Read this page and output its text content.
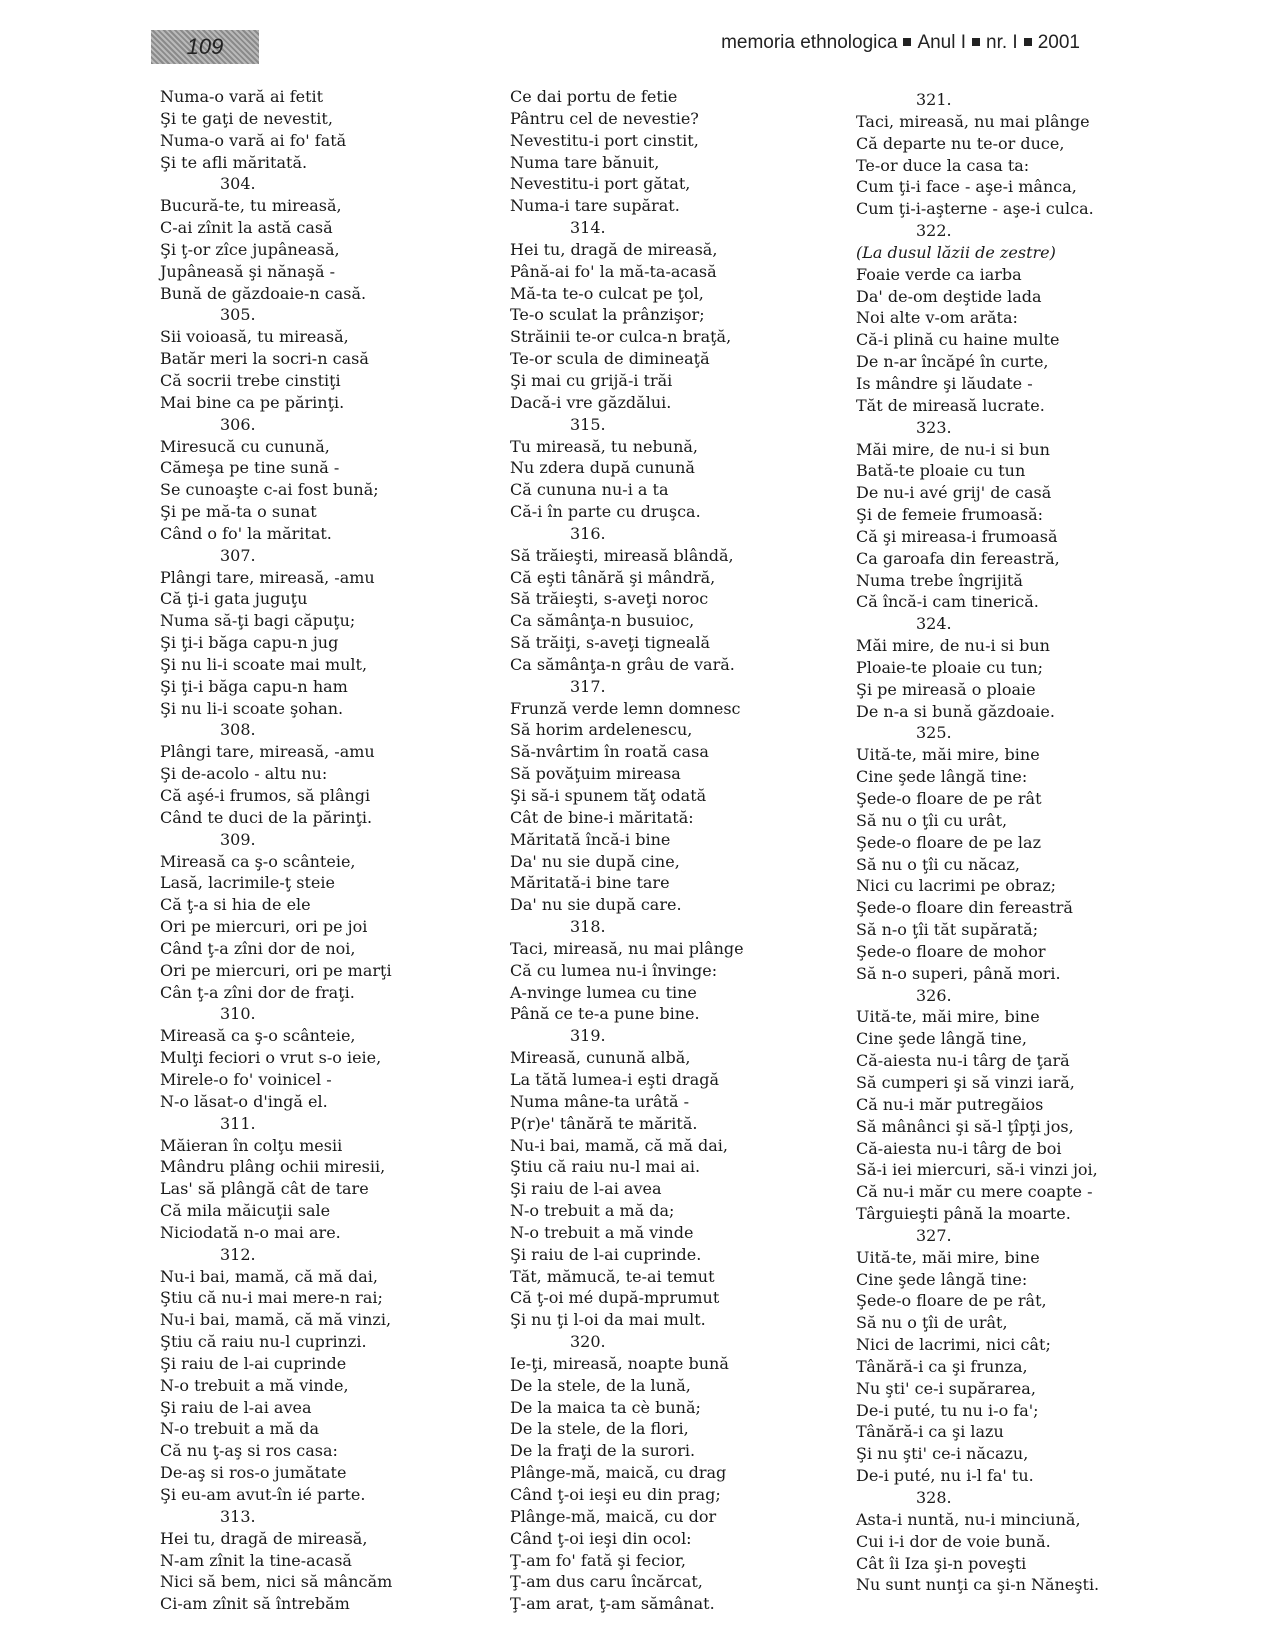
109	memoria ethnologica Anul I nr. I 2001
Numa-o vară ai fetit
Şi te gaţi de nevestit,
Numa-o vară ai fo' fată
Şi te afli măritată.
304.
Bucură-te, tu mireasă,
C-ai zînit la astă casă
Şi ţ-or zîce jupâneasă,
Jupâneasă şi nănaşă -
Bună de găzdoaie-n casă.
305.
Sii voioasă, tu mireasă,
Batăr meri la socri-n casă
Că socrii trebe cinstiţi
Mai bine ca pe părinţi.
306.
Miresucă cu cunună,
Cămeşa pe tine sună -
Se cunoaşte c-ai fost bună;
Şi pe mă-ta o sunat
Când o fo' la măritat.
307.
Plângi tare, mireasă, -amu
Că ţi-i gata juguţu
Numa să-ţi bagi căpuţu;
Şi ţi-i băga capu-n jug
Şi nu li-i scoate mai mult,
Şi ţi-i băga capu-n ham
Şi nu li-i scoate şohan.
308.
Plângi tare, mireasă, -amu
Şi de-acolo - altu nu:
Că aşé-i frumos, să plângi
Când te duci de la părinţi.
309.
Mireasă ca ş-o scânteie,
Lasă, lacrimile-ţ steie
Că ţ-a si hia de ele
Ori pe miercuri, ori pe joi
Când ţ-a zîni dor de noi,
Ori pe miercuri, ori pe marţi
Cân ţ-a zîni dor de fraţi.
310.
Mireasă ca ş-o scânteie,
Mulţi feciori o vrut s-o ieie,
Mirele-o fo' voinicel -
N-o lăsat-o d'ingă el.
311.
Măieran în colţu mesii
Mândru plâng ochii miresii,
Las' să plângă cât de tare
Că mila măicuţii sale
Niciodată n-o mai are.
312.
Nu-i bai, mamă, că mă dai,
Ştiu că nu-i mai mere-n rai;
Nu-i bai, mamă, că mă vinzi,
Ştiu că raiu nu-l cuprinzi.
Şi raiu de l-ai cuprinde
N-o trebuit a mă vinde,
Şi raiu de l-ai avea
N-o trebuit a mă da
Că nu ţ-aş si ros casa:
De-aş si ros-o jumătate
Şi eu-am avut-în ié parte.
313.
Hei tu, dragă de mireasă,
N-am zînit la tine-acasă
Nici să bem, nici să mâncăm
Ci-am zînit să întrebăm
Ce dai portu de fetie
Pântru cel de nevestie?
Nevestitu-i port cinstit,
Numa tare bănuit,
Nevestitu-i port gătat,
Numa-i tare supărat.
314.
Hei tu, dragă de mireasă,
Până-ai fo' la mă-ta-acasă
Mă-ta te-o culcat pe ţol,
Te-o sculat la prânzişor;
Străinii te-or culca-n braţă,
Te-or scula de dimineaţă
Şi mai cu grijă-i trăi
Dacă-i vre găzdălui.
315.
Tu mireasă, tu nebună,
Nu zdera după cunună
Că cununa nu-i a ta
Că-i în parte cu druşca.
316.
Să trăieşti, mireasă blândă,
Că eşti tânără şi mândră,
Să trăieşti, s-aveţi noroc
Ca sămânţa-n busuioc,
Să trăiţi, s-aveţi tigneală
Ca sămânţa-n grâu de vară.
317.
Frunză verde lemn domnesc
Să horim ardelenescu,
Să-nvârtim în roată casa
Să povăţuim mireasa
Şi să-i spunem tăţ odată
Cât de bine-i măritată:
Măritată încă-i bine
Da' nu sie după cine,
Măritată-i bine tare
Da' nu sie după care.
318.
Taci, mireasă, nu mai plânge
Că cu lumea nu-i învinge:
A-nvinge lumea cu tine
Până ce te-a pune bine.
319.
Mireasă, cunună albă,
La tătă lumea-i eşti dragă
Numa mâne-ta urâtă -
P(r)e' tânără te mărită.
Nu-i bai, mamă, că mă dai,
Ştiu că raiu nu-l mai ai.
Şi raiu de l-ai avea
N-o trebuit a mă da;
N-o trebuit a mă vinde
Şi raiu de l-ai cuprinde.
Tăt, mămucă, te-ai temut
Că ţ-oi mé după-mprumut
Şi nu ţi l-oi da mai mult.
320.
Ie-ţi, mireasă, noapte bună
De la stele, de la lună,
De la maica ta cè bună;
De la stele, de la flori,
De la fraţi de la surori.
Plânge-mă, maică, cu drag
Când ţ-oi ieşi eu din prag;
Plânge-mă, maică, cu dor
Când ţ-oi ieşi din ocol:
Ţ-am fo' fată şi fecior,
Ţ-am dus caru încărcat,
Ţ-am arat, ţ-am sămânat.
321.
Taci, mireasă, nu mai plânge
Că departe nu te-or duce,
Te-or duce la casa ta:
Cum ţi-i face - aşe-i mânca,
Cum ţi-i-aşterne - aşe-i culca.
322.
(La dusul lăzii de zestre)
Foaie verde ca iarba
Da' de-om deştide lada
Noi alte v-om arăta:
Că-i plină cu haine multe
De n-ar încăpé în curte,
Is mândre şi lăudate -
Tăt de mireasă lucrate.
323.
Măi mire, de nu-i si bun
Bată-te ploaie cu tun
De nu-i avé grij' de casă
Şi de femeie frumoasă:
Că şi mireasa-i frumoasă
Ca garoafa din fereastră,
Numa trebe îngrijită
Că încă-i cam tinerică.
324.
Măi mire, de nu-i si bun
Ploaie-te ploaie cu tun;
Şi pe mireasă o ploaie
De n-a si bună găzdoaie.
325.
Uită-te, măi mire, bine
Cine şede lângă tine:
Şede-o floare de pe rât
Să nu o ţîi cu urât,
Şede-o floare de pe laz
Să nu o ţîi cu năcaz,
Nici cu lacrimi pe obraz;
Şede-o floare din fereastră
Să n-o ţîi tăt supărată;
Şede-o floare de mohor
Să n-o superi, până mori.
326.
Uită-te, măi mire, bine
Cine şede lângă tine,
Că-aiesta nu-i târg de ţară
Să cumperi şi să vinzi iară,
Că nu-i măr putregăios
Să mânânci şi să-l ţîpţi jos,
Că-aiesta nu-i târg de boi
Să-i iei miercuri, să-i vinzi joi,
Că nu-i măr cu mere coapte -
Târguieşti până la moarte.
327.
Uită-te, măi mire, bine
Cine şede lângă tine:
Şede-o floare de pe rât,
Să nu o ţîi de urât,
Nici de lacrimi, nici cât;
Tânără-i ca şi frunza,
Nu şti' ce-i supărarea,
De-i puté, tu nu i-o fa';
Tânără-i ca şi lazu
Şi nu şti' ce-i năcazu,
De-i puté, nu i-l fa' tu.
328.
Asta-i nuntă, nu-i minciună,
Cui i-i dor de voie bună.
Cât îi Iza şi-n poveşti
Nu sunt nunţi ca şi-n Năneşti.
